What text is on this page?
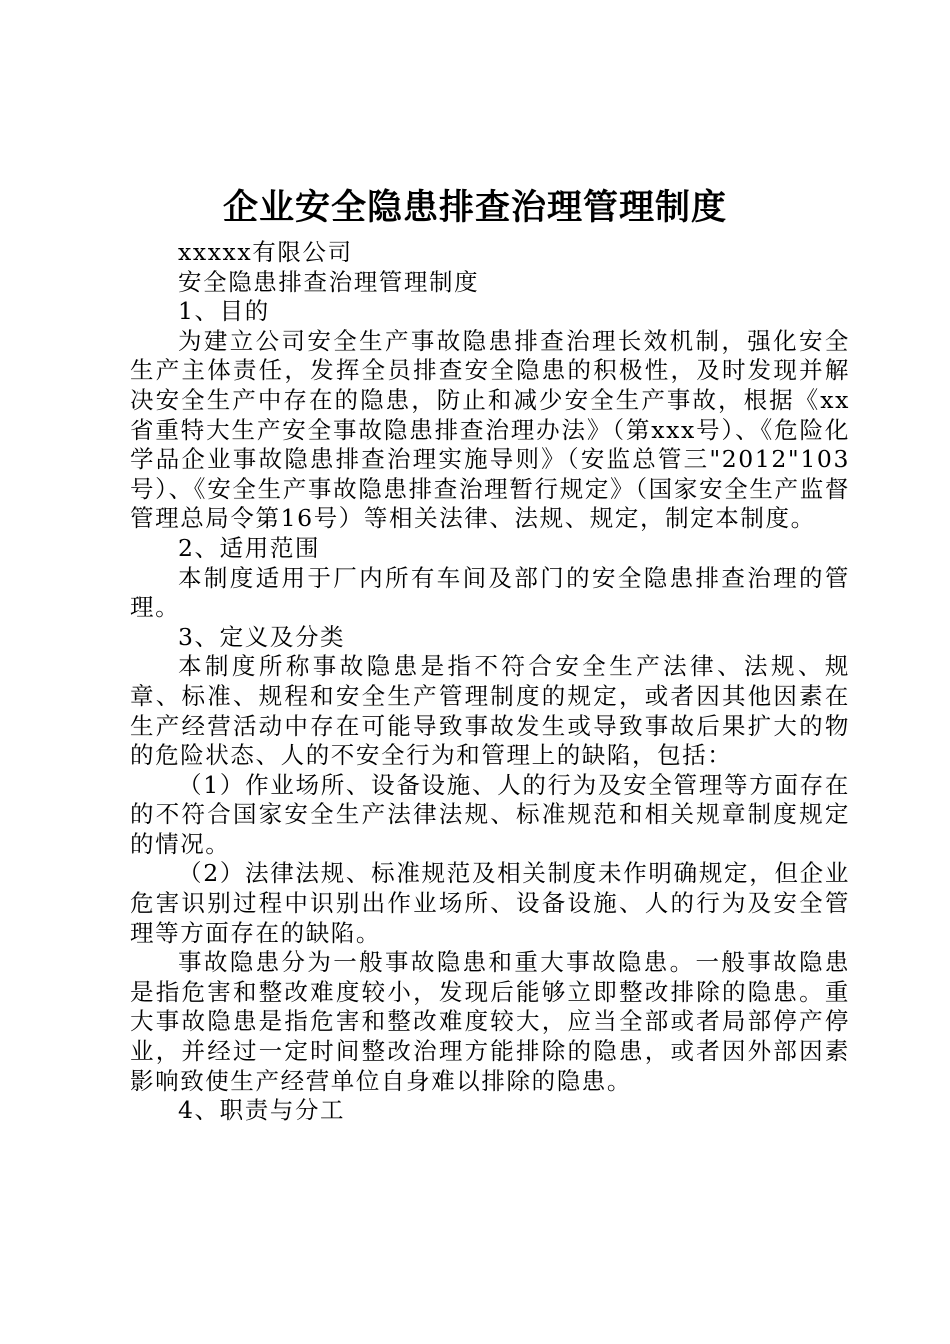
企业安全隐患排查治理管理制度

xxxxx有限公司

安全隐患排查治理管理制度

1、目的

为建立公司安全生产事故隐患排查治理长效机制，强化安全生产主体责任，发挥全员排查安全隐患的积极性，及时发现并解决安全生产中存在的隐患，防止和减少安全生产事故，根据《xx省重特大生产安全事故隐患排查治理办法》（第xxx号）、《危险化学品企业事故隐患排查治理实施导则》（安监总管三"2012"103号）、《安全生产事故隐患排查治理暂行规定》（国家安全生产监督管理总局令第16号）等相关法律、法规、规定，制定本制度。

2、适用范围

本制度适用于厂内所有车间及部门的安全隐患排查治理的管理。

3、定义及分类

本制度所称事故隐患是指不符合安全生产法律、法规、规章、标准、规程和安全生产管理制度的规定，或者因其他因素在生产经营活动中存在可能导致事故发生或导致事故后果扩大的物的危险状态、人的不安全行为和管理上的缺陷，包括：

（1）作业场所、设备设施、人的行为及安全管理等方面存在的不符合国家安全生产法律法规、标准规范和相关规章制度规定的情况。

（2）法律法规、标准规范及相关制度未作明确规定，但企业危害识别过程中识别出作业场所、设备设施、人的行为及安全管理等方面存在的缺陷。

事故隐患分为一般事故隐患和重大事故隐患。一般事故隐患是指危害和整改难度较小，发现后能够立即整改排除的隐患。重大事故隐患是指危害和整改难度较大，应当全部或者局部停产停业，并经过一定时间整改治理方能排除的隐患，或者因外部因素影响致使生产经营单位自身难以排除的隐患。

4、职责与分工
